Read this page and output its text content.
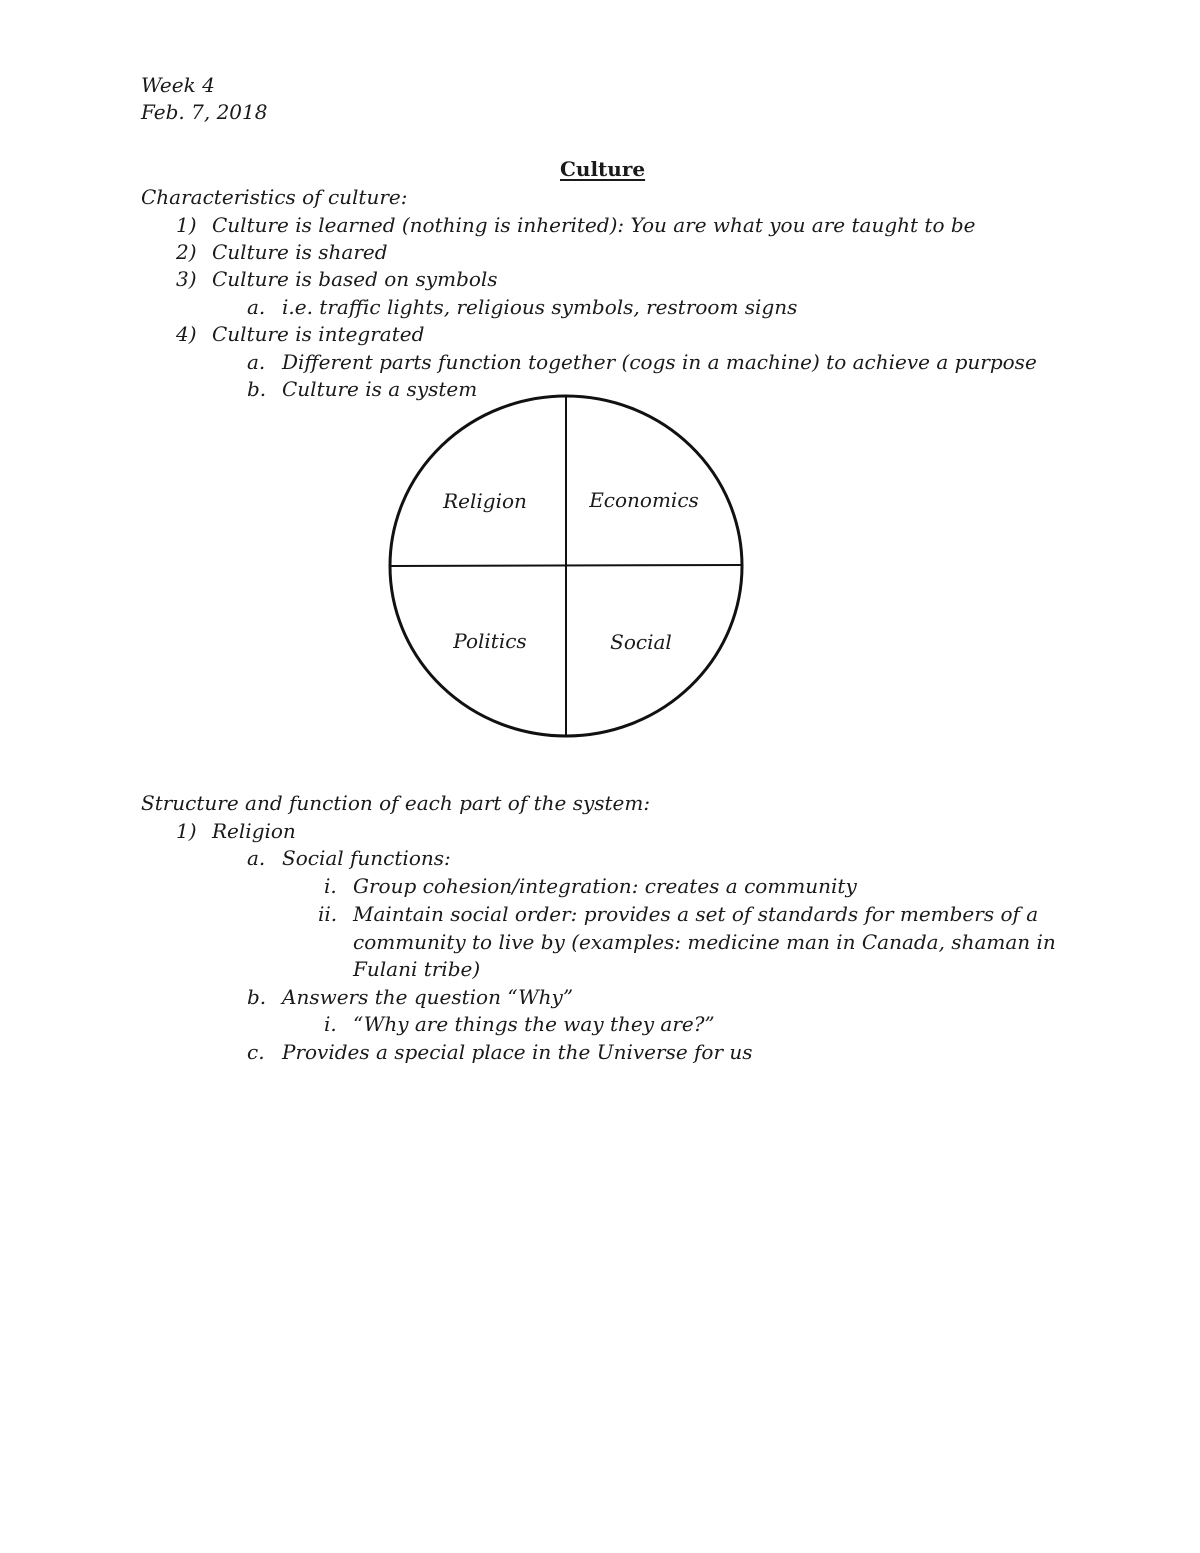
Week 4
Feb. 7, 2018
Culture
Characteristics of culture:
1) Culture is learned (nothing is inherited): You are what you are taught to be
2) Culture is shared
3) Culture is based on symbols
a. i.e. traffic lights, religious symbols, restroom signs
4) Culture is integrated
a. Different parts function together (cogs in a machine) to achieve a purpose
b. Culture is a system
Religion	Economics
Politics	Social
Structure and function of each part of the system:
1) Religion
a. Social functions:
i. Group cohesion/integration: creates a community
ii. Maintain social order: provides a set of standards for members of a
community to live by (examples: medicine man in Canada, shaman in
Fulani tribe)
b. Answers the question “Why”
i. “Why are things the way they are?”
c. Provides a special place in the Universe for us
